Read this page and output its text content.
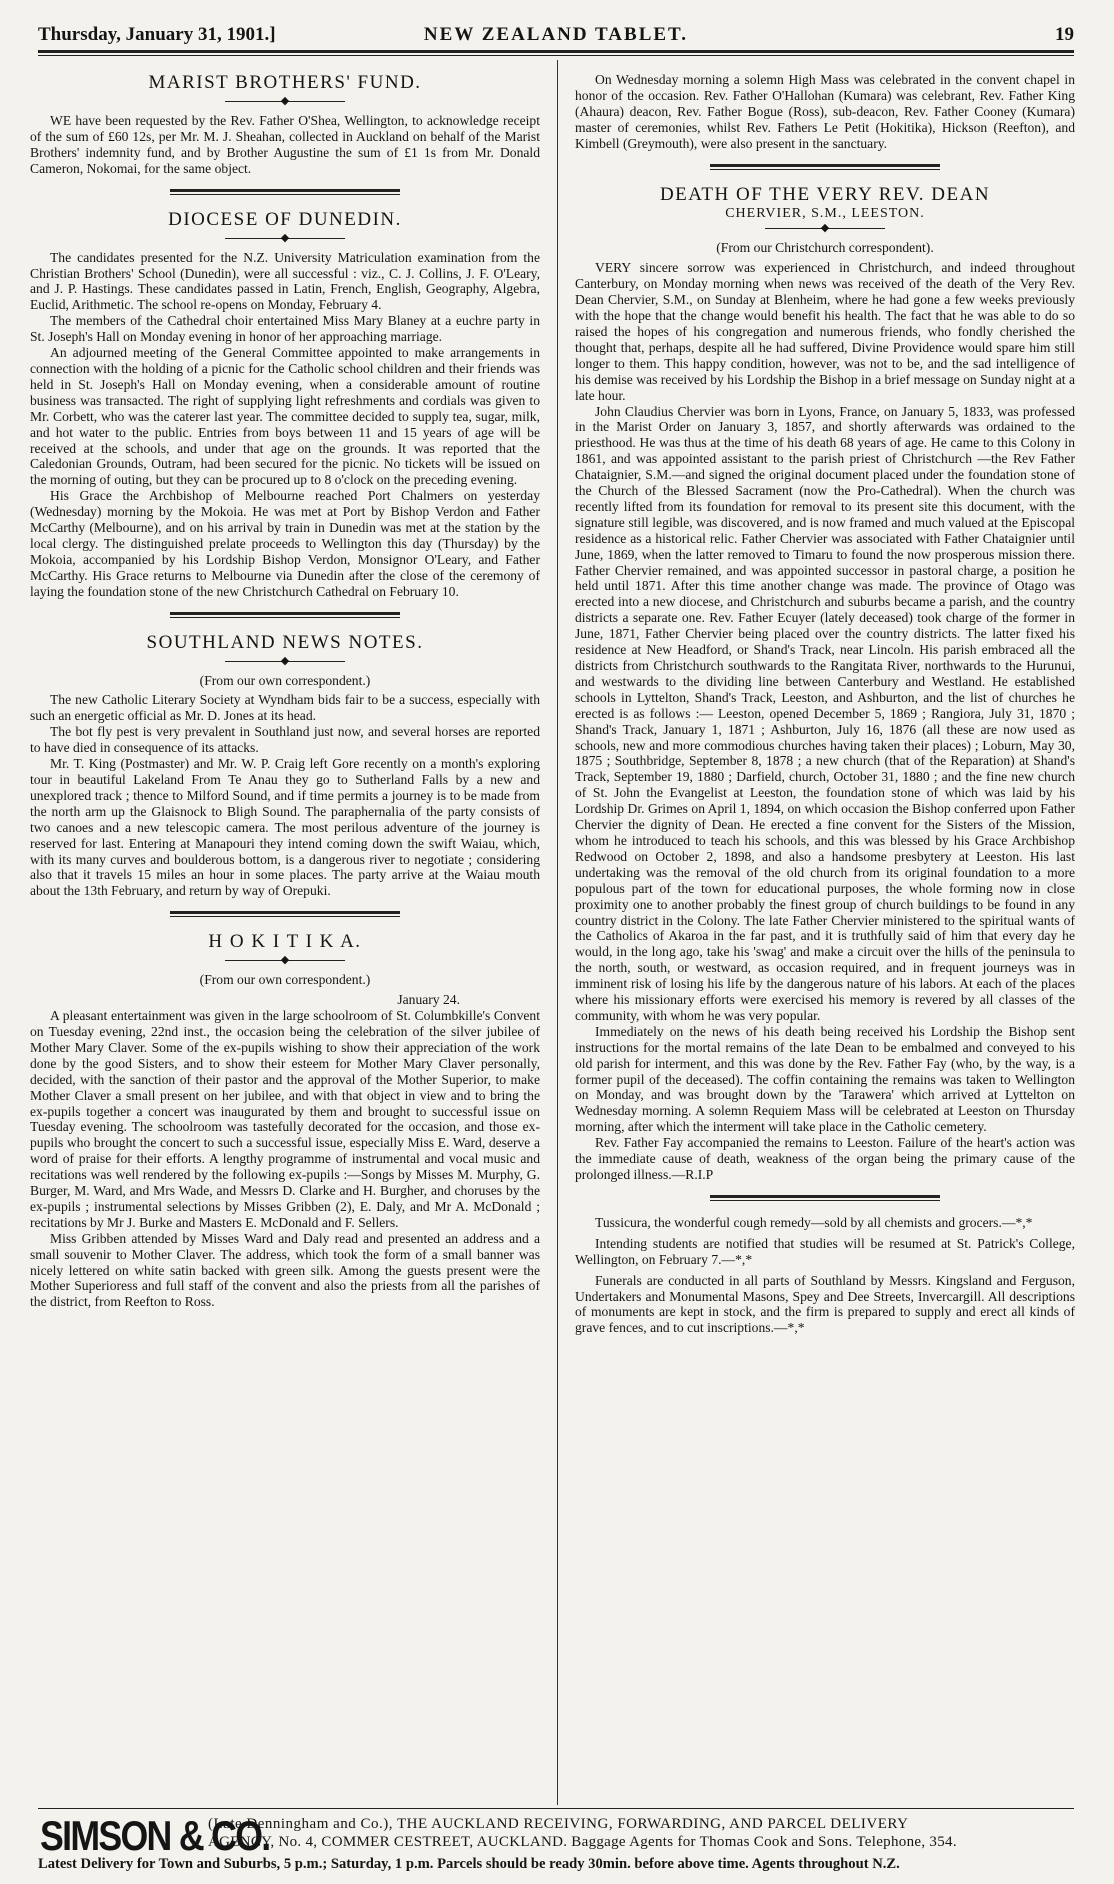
Thursday, January 31, 1901.]	NEW ZEALAND TABLET.	19
MARIST BROTHERS' FUND.
◆

WE have been requested by the Rev. Father O'Shea, Wellington, to acknowledge receipt of the sum of £60 12s, per Mr. M. J. Sheahan, collected in Auckland on behalf of the Marist Brothers' indemnity fund, and by Brother Augustine the sum of £1 1s from Mr. Donald Cameron, Nokomai, for the same object.

DIOCESE OF DUNEDIN.
◆

The candidates presented for the N.Z. University Matriculation examination from the Christian Brothers' School (Dunedin), were all successful : viz., C. J. Collins, J. F. O'Leary, and J. P. Hastings. These candidates passed in Latin, French, English, Geography, Algebra, Euclid, Arithmetic. The school re-opens on Monday, February 4.

The members of the Cathedral choir entertained Miss Mary Blaney at a euchre party in St. Joseph's Hall on Monday evening in honor of her approaching marriage.

An adjourned meeting of the General Committee appointed to make arrangements in connection with the holding of a picnic for the Catholic school children and their friends was held in St. Joseph's Hall on Monday evening, when a considerable amount of routine business was transacted. The right of supplying light refreshments and cordials was given to Mr. Corbett, who was the caterer last year. The committee decided to supply tea, sugar, milk, and hot water to the public. Entries from boys between 11 and 15 years of age will be received at the schools, and under that age on the grounds. It was reported that the Caledonian Grounds, Outram, had been secured for the picnic. No tickets will be issued on the morning of outing, but they can be procured up to 8 o'clock on the preceding evening.

His Grace the Archbishop of Melbourne reached Port Chalmers on yesterday (Wednesday) morning by the Mokoia. He was met at Port by Bishop Verdon and Father McCarthy (Melbourne), and on his arrival by train in Dunedin was met at the station by the local clergy. The distinguished prelate proceeds to Wellington this day (Thursday) by the Mokoia, accompanied by his Lordship Bishop Verdon, Monsignor O'Leary, and Father McCarthy. His Grace returns to Melbourne via Dunedin after the close of the ceremony of laying the foundation stone of the new Christchurch Cathedral on February 10.

SOUTHLAND NEWS NOTES.
◆
(From our own correspondent.)

The new Catholic Literary Society at Wyndham bids fair to be a success, especially with such an energetic official as Mr. D. Jones at its head.

The bot fly pest is very prevalent in Southland just now, and several horses are reported to have died in consequence of its attacks.

Mr. T. King (Postmaster) and Mr. W. P. Craig left Gore recently on a month's exploring tour in beautiful Lakeland From Te Anau they go to Sutherland Falls by a new and unexplored track ; thence to Milford Sound, and if time permits a journey is to be made from the north arm up the Glaisnock to Bligh Sound. The paraphernalia of the party consists of two canoes and a new telescopic camera. The most perilous adventure of the journey is reserved for last. Entering at Manapouri they intend coming down the swift Waiau, which, with its many curves and boulderous bottom, is a dangerous river to negotiate ; considering also that it travels 15 miles an hour in some places. The party arrive at the Waiau mouth about the 13th February, and return by way of Orepuki.

H O K I T I K A.
◆
(From our own correspondent.)
January 24.

A pleasant entertainment was given in the large schoolroom of St. Columbkille's Convent on Tuesday evening, 22nd inst., the occasion being the celebration of the silver jubilee of Mother Mary Claver. Some of the ex-pupils wishing to show their appreciation of the work done by the good Sisters, and to show their esteem for Mother Mary Claver personally, decided, with the sanction of their pastor and the approval of the Mother Superior, to make Mother Claver a small present on her jubilee, and with that object in view and to bring the ex-pupils together a concert was inaugurated by them and brought to successful issue on Tuesday evening. The schoolroom was tastefully decorated for the occasion, and those ex-pupils who brought the concert to such a successful issue, especially Miss E. Ward, deserve a word of praise for their efforts. A lengthy programme of instrumental and vocal music and recitations was well rendered by the following ex-pupils :—Songs by Misses M. Murphy, G. Burger, M. Ward, and Mrs Wade, and Messrs D. Clarke and H. Burgher, and choruses by the ex-pupils ; instrumental selections by Misses Gribben (2), E. Daly, and Mr A. McDonald ; recitations by Mr J. Burke and Masters E. McDonald and F. Sellers.

Miss Gribben attended by Misses Ward and Daly read and presented an address and a small souvenir to Mother Claver. The address, which took the form of a small banner was nicely lettered on white satin backed with green silk. Among the guests present were the Mother Superioress and full staff of the convent and also the priests from all the parishes of the district, from Reefton to Ross.

On Wednesday morning a solemn High Mass was celebrated in the convent chapel in honor of the occasion. Rev. Father O'Hallohan (Kumara) was celebrant, Rev. Father King (Ahaura) deacon, Rev. Father Bogue (Ross), sub-deacon, Rev. Father Cooney (Kumara) master of ceremonies, whilst Rev. Fathers Le Petit (Hokitika), Hickson (Reefton), and Kimbell (Greymouth), were also present in the sanctuary.

DEATH OF THE VERY REV. DEAN
CHERVIER, S.M., LEESTON.
◆
(From our Christchurch correspondent).

VERY sincere sorrow was experienced in Christchurch, and indeed throughout Canterbury, on Monday morning when news was received of the death of the Very Rev. Dean Chervier, S.M., on Sunday at Blenheim, where he had gone a few weeks previously with the hope that the change would benefit his health. The fact that he was able to do so raised the hopes of his congregation and numerous friends, who fondly cherished the thought that, perhaps, despite all he had suffered, Divine Providence would spare him still longer to them. This happy condition, however, was not to be, and the sad intelligence of his demise was received by his Lordship the Bishop in a brief message on Sunday night at a late hour.

John Claudius Chervier was born in Lyons, France, on January 5, 1833, was professed in the Marist Order on January 3, 1857, and shortly afterwards was ordained to the priesthood. He was thus at the time of his death 68 years of age. He came to this Colony in 1861, and was appointed assistant to the parish priest of Christchurch —the Rev Father Chataignier, S.M.—and signed the original document placed under the foundation stone of the Church of the Blessed Sacrament (now the Pro-Cathedral). When the church was recently lifted from its foundation for removal to its present site this document, with the signature still legible, was discovered, and is now framed and much valued at the Episcopal residence as a historical relic. Father Chervier was associated with Father Chataignier until June, 1869, when the latter removed to Timaru to found the now prosperous mission there. Father Chervier remained, and was appointed successor in pastoral charge, a position he held until 1871. After this time another change was made. The province of Otago was erected into a new diocese, and Christchurch and suburbs became a parish, and the country districts a separate one. Rev. Father Ecuyer (lately deceased) took charge of the former in June, 1871, Father Chervier being placed over the country districts. The latter fixed his residence at New Headford, or Shand's Track, near Lincoln. His parish embraced all the districts from Christchurch southwards to the Rangitata River, northwards to the Hurunui, and westwards to the dividing line between Canterbury and Westland. He established schools in Lyttelton, Shand's Track, Leeston, and Ashburton, and the list of churches he erected is as follows :— Leeston, opened December 5, 1869 ; Rangiora, July 31, 1870 ; Shand's Track, January 1, 1871 ; Ashburton, July 16, 1876 (all these are now used as schools, new and more commodious churches having taken their places) ; Loburn, May 30, 1875 ; Southbridge, September 8, 1878 ; a new church (that of the Reparation) at Shand's Track, September 19, 1880 ; Darfield, church, October 31, 1880 ; and the fine new church of St. John the Evangelist at Leeston, the foundation stone of which was laid by his Lordship Dr. Grimes on April 1, 1894, on which occasion the Bishop conferred upon Father Chervier the dignity of Dean. He erected a fine convent for the Sisters of the Mission, whom he introduced to teach his schools, and this was blessed by his Grace Archbishop Redwood on October 2, 1898, and also a handsome presbytery at Leeston. His last undertaking was the removal of the old church from its original foundation to a more populous part of the town for educational purposes, the whole forming now in close proximity one to another probably the finest group of church buildings to be found in any country district in the Colony. The late Father Chervier ministered to the spiritual wants of the Catholics of Akaroa in the far past, and it is truthfully said of him that every day he would, in the long ago, take his 'swag' and make a circuit over the hills of the peninsula to the north, south, or westward, as occasion required, and in frequent journeys was in imminent risk of losing his life by the dangerous nature of his labors. At each of the places where his missionary efforts were exercised his memory is revered by all classes of the community, with whom he was very popular.

Immediately on the news of his death being received his Lordship the Bishop sent instructions for the mortal remains of the late Dean to be embalmed and conveyed to his old parish for interment, and this was done by the Rev. Father Fay (who, by the way, is a former pupil of the deceased). The coffin containing the remains was taken to Wellington on Monday, and was brought down by the 'Tarawera' which arrived at Lyttelton on Wednesday morning. A solemn Requiem Mass will be celebrated at Leeston on Thursday morning, after which the interment will take place in the Catholic cemetery.

Rev. Father Fay accompanied the remains to Leeston. Failure of the heart's action was the immediate cause of death, weakness of the organ being the primary cause of the prolonged illness.—R.I.P

Tussicura, the wonderful cough remedy—sold by all chemists and grocers.—*,*

Intending students are notified that studies will be resumed at St. Patrick's College, Wellington, on February 7.—*,*

Funerals are conducted in all parts of Southland by Messrs. Kingsland and Ferguson, Undertakers and Monumental Masons, Spey and Dee Streets, Invercargill. All descriptions of monuments are kept in stock, and the firm is prepared to supply and erect all kinds of grave fences, and to cut inscriptions.—*,*

SIMSON & CO.
(Late Denningham and Co.), THE AUCKLAND RECEIVING, FORWARDING, AND PARCEL DELIVERY
AGENCY, No. 4, COMMER CESTREET, AUCKLAND. Baggage Agents for Thomas Cook and Sons. Telephone, 354.
Latest Delivery for Town and Suburbs, 5 p.m.; Saturday, 1 p.m. Parcels should be ready 30min. before above time. Agents throughout N.Z.
